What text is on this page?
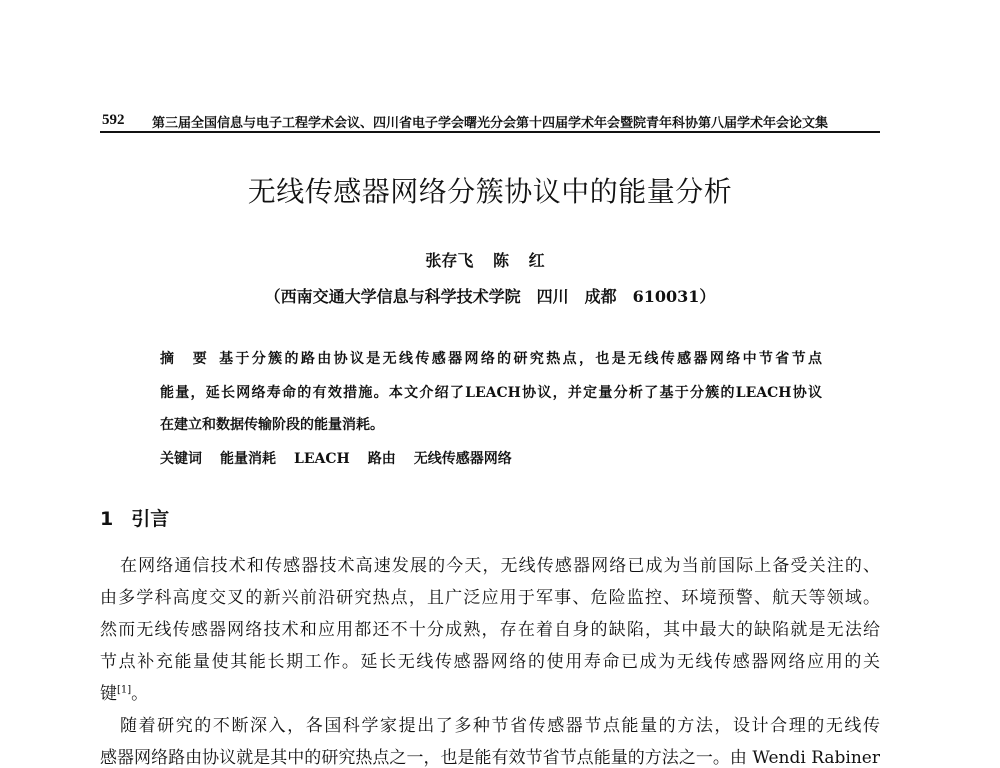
592	第三届全国信息与电子工程学术会议、四川省电子学会曙光分会第十四届学术年会暨院青年科协第八届学术年会论文集
无线传感器网络分簇协议中的能量分析
张存飞 陈 红
（西南交通大学信息与科学技术学院　四川　成都　610031）
摘　要 基于分簇的路由协议是无线传感器网络的研究热点，也是无线传感器网络中节省节点
能量，延长网络寿命的有效措施。本文介绍了LEACH协议，并定量分析了基于分簇的LEACH协议
在建立和数据传输阶段的能量消耗。
关键词 能量消耗 LEACH 路由 无线传感器网络
1 引言
在网络通信技术和传感器技术高速发展的今天，无线传感器网络已成为当前国际上备受关注的、
由多学科高度交叉的新兴前沿研究热点，且广泛应用于军事、危险监控、环境预警、航天等领域。
然而无线传感器网络技术和应用都还不十分成熟，存在着自身的缺陷，其中最大的缺陷就是无法给
节点补充能量使其能长期工作。延长无线传感器网络的使用寿命已成为无线传感器网络应用的关
键[1]。
随着研究的不断深入，各国科学家提出了多种节省传感器节点能量的方法，设计合理的无线传
感器网络路由协议就是其中的研究热点之一，也是能有效节省节点能量的方法之一。由 Wendi Rabiner
